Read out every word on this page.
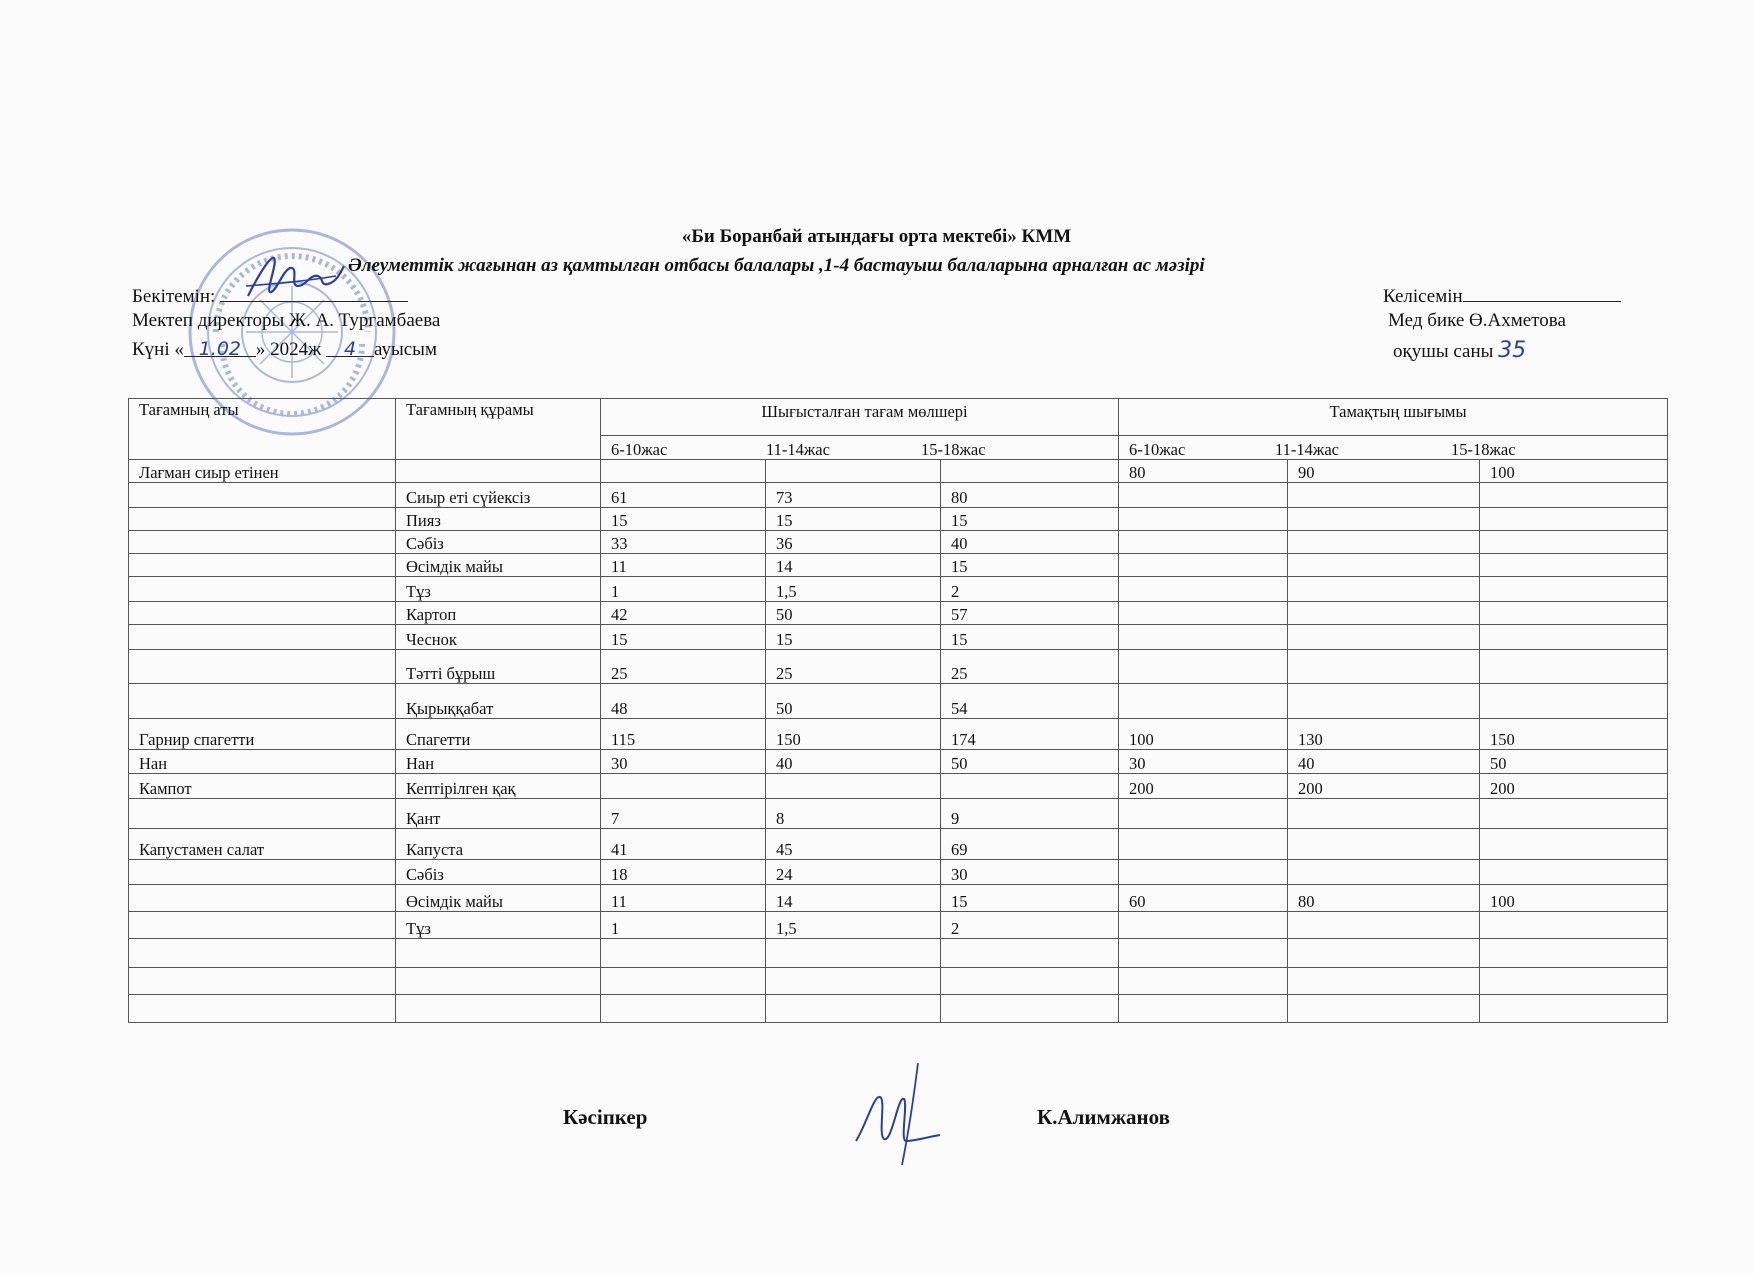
«Би Боранбай атындағы орта мектебі» КММ
Әлеуметтік жағынан аз қамтылған отбасы балалары ,1-4 бастауыш балаларына арналған ас мәзірі
Бекітемін:
Мектеп директоры Ж. А. Тургамбаева
Күні « 1.02 » 2024ж 4 ауысым
Келісемін
Мед бике Ө.Ахметова
оқушы саны 35
Тағамның аты	Тағамның құрамы	Шығысталған тағам мөлшері			Тамақтың шығымы		

		6-10жас 11-14жас 15-18жас			6-10жас 11-14жас 15-18жас		

Лағман сиыр етінен					80	90	100
	Сиыр еті сүйексіз	61	73	80			
	Пияз	15	15	15			
	Сәбіз	33	36	40			
	Өсімдік майы	11	14	15			
	Тұз	1	1,5	2			
	Картоп	42	50	57			
	Чеснок	15	15	15			
	Тәтті бұрыш	25	25	25			
	Қырыққабат	48	50	54			
Гарнир спагетти	Спагетти	115	150	174	100	130	150
Нан	Нан	30	40	50	30	40	50
Кампот	Кептірілген қақ				200	200	200
	Қант	7	8	9			
Капустамен салат	Капуста	41	45	69			
	Сәбіз	18	24	30			
	Өсімдік майы	11	14	15	60	80	100
	Тұз	1	1,5	2			

Кәсіпкер	К.Алимжанов
